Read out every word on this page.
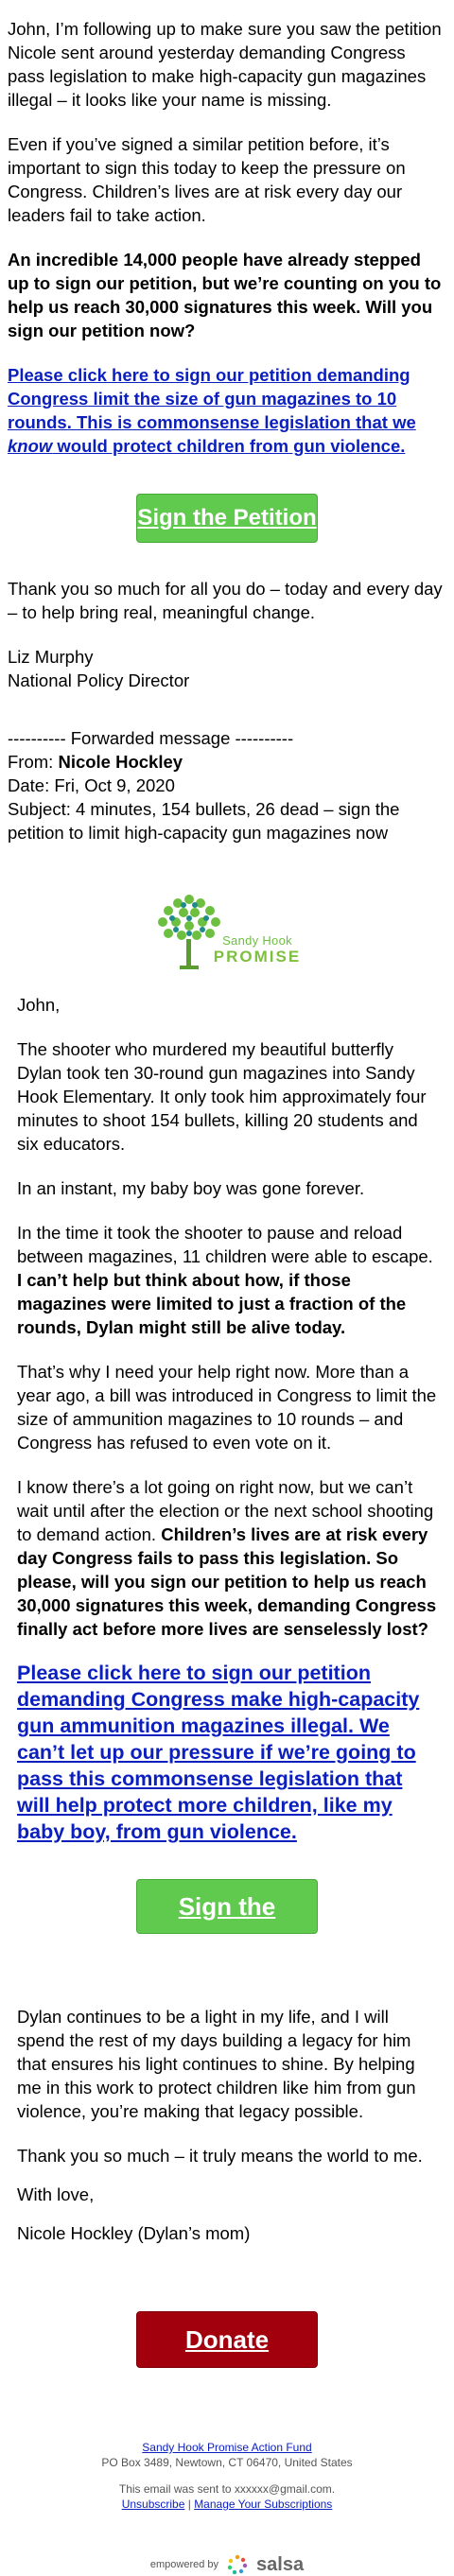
John, I’m following up to make sure you saw the petition Nicole sent around yesterday demanding Congress pass legislation to make high-capacity gun magazines illegal – it looks like your name is missing.

Even if you’ve signed a similar petition before, it’s important to sign this today to keep the pressure on Congress. Children’s lives are at risk every day our leaders fail to take action.

An incredible 14,000 people have already stepped up to sign our petition, but we’re counting on you to help us reach 30,000 signatures this week. Will you sign our petition now?

Please click here to sign our petition demanding Congress limit the size of gun magazines to 10 rounds. This is commonsense legislation that we know would protect children from gun violence.

Sign the Petition

Thank you so much for all you do – today and every day – to help bring real, meaningful change.

Liz Murphy

National Policy Director

---------- Forwarded message ----------

From: Nicole Hockley

Date: Fri, Oct 9, 2020

Subject: 4 minutes, 154 bullets, 26 dead – sign the petition to limit high-capacity gun magazines now

Sandy Hook
PROMISE

John,

The shooter who murdered my beautiful butterfly Dylan took ten 30-round gun magazines into Sandy Hook Elementary. It only took him approximately four minutes to shoot 154 bullets, killing 20 students and six educators.

In an instant, my baby boy was gone forever.

In the time it took the shooter to pause and reload between magazines, 11 children were able to escape. I can’t help but think about how, if those magazines were limited to just a fraction of the rounds, Dylan might still be alive today.

That’s why I need your help right now. More than a year ago, a bill was introduced in Congress to limit the size of ammunition magazines to 10 rounds – and Congress has refused to even vote on it.

I know there’s a lot going on right now, but we can’t wait until after the election or the next school shooting to demand action. Children’s lives are at risk every day Congress fails to pass this legislation. So please, will you sign our petition to help us reach 30,000 signatures this week, demanding Congress finally act before more lives are senselessly lost?

Please click here to sign our petition demanding Congress make high-capacity gun ammunition magazines illegal. We can’t let up our pressure if we’re going to pass this commonsense legislation that will help protect more children, like my baby boy, from gun violence.

Sign the Petition

Dylan continues to be a light in my life, and I will spend the rest of my days building a legacy for him that ensures his light continues to shine. By helping me in this work to protect children like him from gun violence, you’re making that legacy possible.

Thank you so much – it truly means the world to me.

With love,

Nicole Hockley (Dylan’s mom)

Donate
Sandy Hook Promise Action Fund
PO Box 3489, Newtown, CT 06470, United States
This email was sent to xxxxxx@gmail.com.
Unsubscribe | Manage Your Subscriptions
empowered by salsa
